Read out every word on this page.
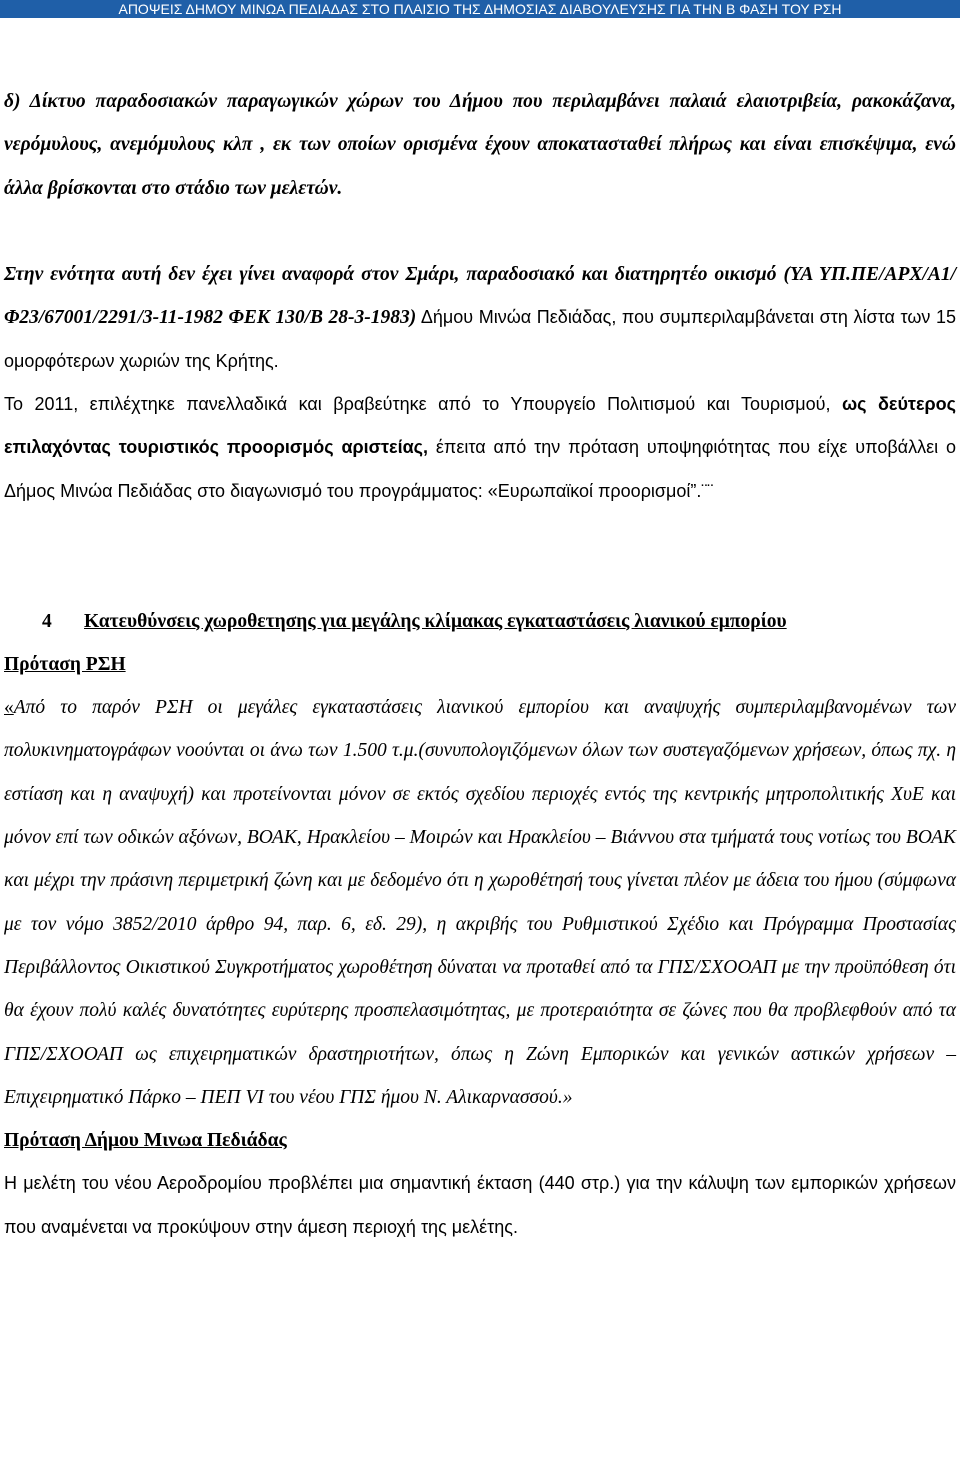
ΑΠΟΨΕΙΣ ΔΗΜΟΥ ΜΙΝΩΑ ΠΕΔΙΑΔΑΣ ΣΤΟ ΠΛΑΙΣΙΟ ΤΗΣ ΔΗΜΟΣΙΑΣ ΔΙΑΒΟΥΛΕΥΣΗΣ ΓΙΑ ΤΗΝ Β ΦΑΣΗ ΤΟΥ ΡΣΗ

δ) Δίκτυο παραδοσιακών παραγωγικών χώρων του Δήμου που περιλαμβάνει παλαιά ελαιοτριβεία, ρακοκάζανα, νερόμυλους, ανεμόμυλους κλπ , εκ των οποίων ορισμένα έχουν αποκατασταθεί πλήρως και είναι επισκέψιμα, ενώ άλλα βρίσκονται στο στάδιο των μελετών.

Στην ενότητα αυτή δεν έχει γίνει αναφορά στον Σμάρι, παραδοσιακό και διατηρητέο οικισμό (ΥΑ ΥΠ.ΠΕ/ΑΡΧ/Α1/Φ23/67001/2291/3-11-1982 ΦΕΚ 130/Β 28-3-1983) Δήμου Μινώα Πεδιάδας, που συμπεριλαμβάνεται στη λίστα των 15 ομορφότερων χωριών της Κρήτης.

Το 2011, επιλέχτηκε πανελλαδικά και βραβεύτηκε από το Υπουργείο Πολιτισμού και Τουρισμού, ως δεύτερος επιλαχόντας τουριστικός προορισμός αριστείας, έπειτα από την πρόταση υποψηφιότητας που είχε υποβάλλει ο Δήμος Μινώα Πεδιάδας στο διαγωνισμό του προγράμματος: «Ευρωπαϊκοί προορισμοί”.¨¨

4 Κατευθύνσεις χωροθετησης για μεγάλης κλίμακας εγκαταστάσεις λιανικού εμπορίου

Πρόταση ΡΣΗ

«Από το παρόν ΡΣΗ οι μεγάλες εγκαταστάσεις λιανικού εμπορίου και αναψυχής συμπεριλαμβανομένων των πολυκινηματογράφων νοούνται οι άνω των 1.500 τ.μ.(συνυπολογιζόμενων όλων των συστεγαζόμενων χρήσεων, όπως πχ. η εστίαση και η αναψυχή) και προτείνονται μόνον σε εκτός σχεδίου περιοχές εντός της κεντρικής μητροπολιτικής ΧυΕ και μόνον επί των οδικών αξόνων, ΒΟΑΚ, Ηρακλείου – Μοιρών και Ηρακλείου – Βιάννου στα τμήματά τους νοτίως του ΒΟΑΚ και μέχρι την πράσινη περιμετρική ζώνη και με δεδομένο ότι η χωροθέτησή τους γίνεται πλέον με άδεια του ήμου (σύμφωνα με τον νόμο 3852/2010 άρθρο 94, παρ. 6, εδ. 29), η ακριβής του Ρυθμιστικού Σχέδιο και Πρόγραμμα Προστασίας Περιβάλλοντος Οικιστικού Συγκροτήματος χωροθέτηση δύναται να προταθεί από τα ΓΠΣ/ΣΧΟΟΑΠ με την προϋπόθεση ότι θα έχουν πολύ καλές δυνατότητες ευρύτερης προσπελασιμότητας, με προτεραιότητα σε ζώνες που θα προβλεφθούν από τα ΓΠΣ/ΣΧΟΟΑΠ ως επιχειρηματικών δραστηριοτήτων, όπως η Ζώνη Εμπορικών και γενικών αστικών χρήσεων – Επιχειρηματικό Πάρκο – ΠΕΠ VI του νέου ΓΠΣ ήμου Ν. Αλικαρνασσού.»

Πρόταση Δήμου Μινωα Πεδιάδας

Η μελέτη του νέου Αεροδρομίου προβλέπει μια σημαντική έκταση (440 στρ.) για την κάλυψη των εμπορικών χρήσεων που αναμένεται να προκύψουν στην άμεση περιοχή της μελέτης.
